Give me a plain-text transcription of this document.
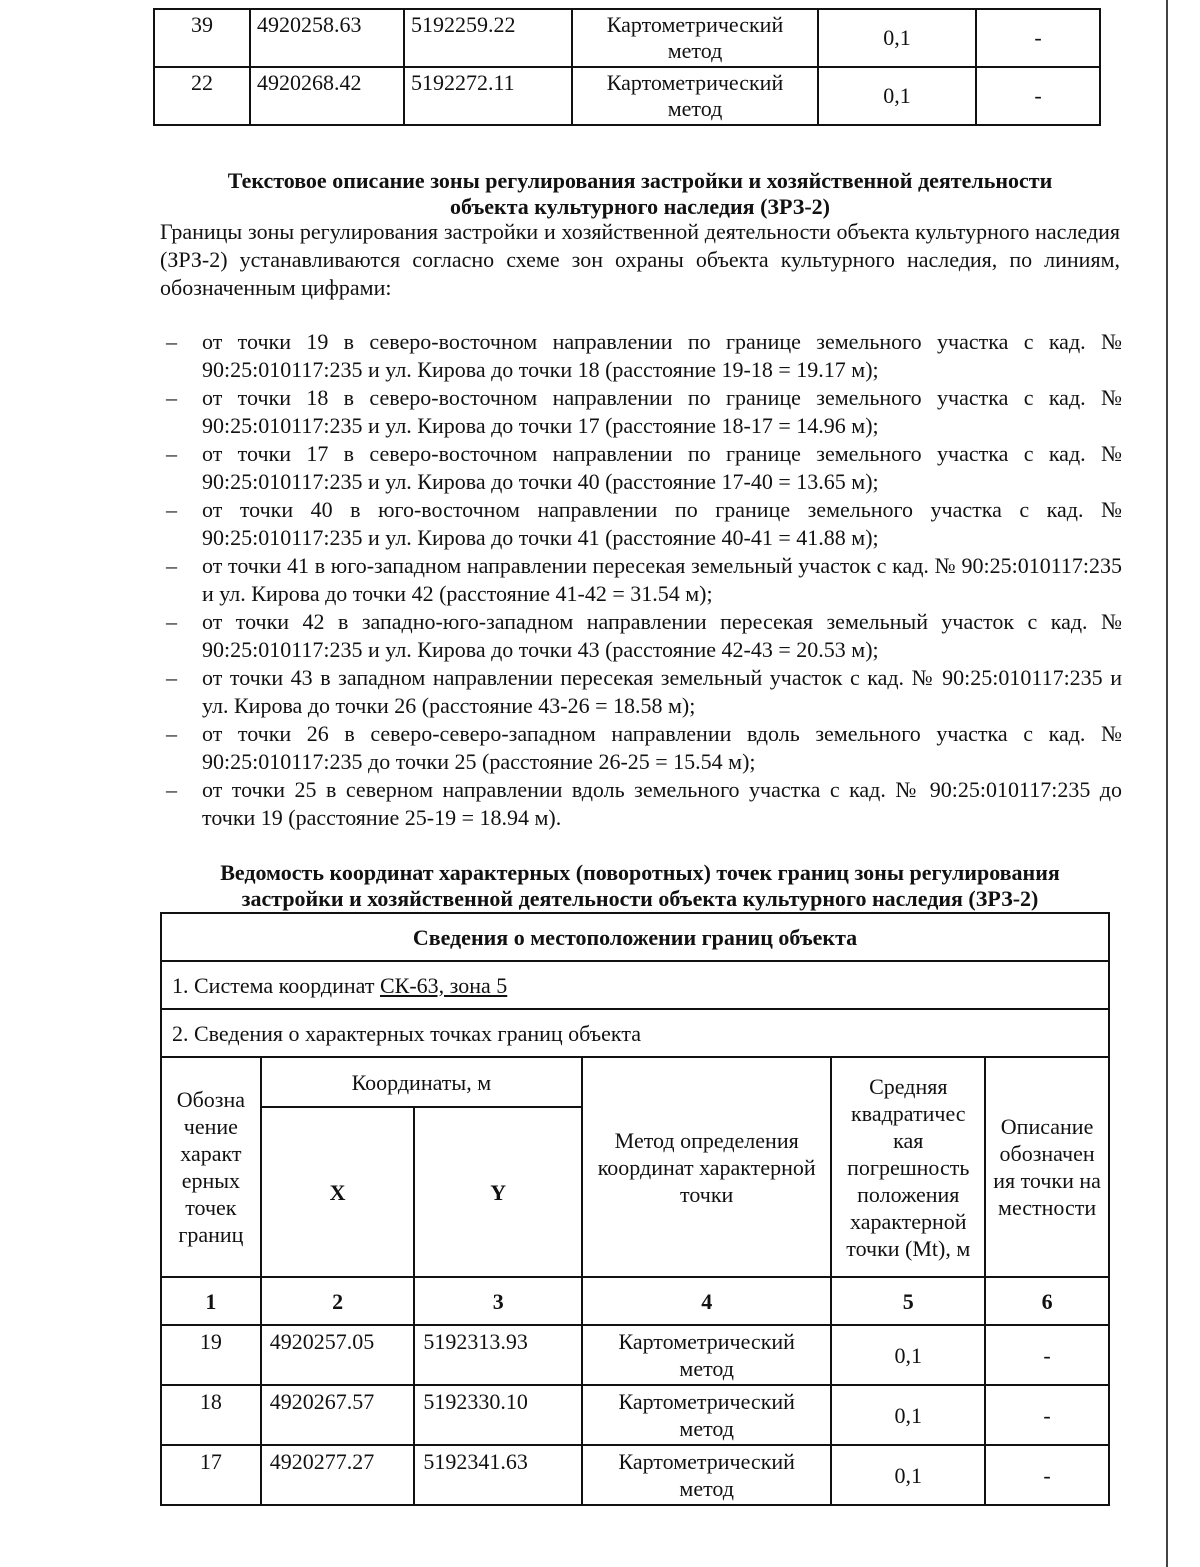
39	4920258.63	5192259.22	Картометрический метод	0,1	-
22	4920268.42	5192272.11	Картометрический метод	0,1	-
Текстовое описание зоны регулирования застройки и хозяйственной деятельности
объекта культурного наследия (ЗРЗ-2)
Границы зоны регулирования застройки и хозяйственной деятельности объекта культурного наследия (ЗРЗ-2) устанавливаются согласно схеме зон охраны объекта культурного наследия, по линиям, обозначенным цифрами:
– от точки 19 в северо-восточном направлении по границе земельного участка с кад. № 90:25:010117:235 и ул. Кирова до точки 18 (расстояние 19-18 = 19.17 м);
– от точки 18 в северо-восточном направлении по границе земельного участка с кад. № 90:25:010117:235 и ул. Кирова до точки 17 (расстояние 18-17 = 14.96 м);
– от точки 17 в северо-восточном направлении по границе земельного участка с кад. № 90:25:010117:235 и ул. Кирова до точки 40 (расстояние 17-40 = 13.65 м);
– от точки 40 в юго-восточном направлении по границе земельного участка с кад. № 90:25:010117:235 и ул. Кирова до точки 41 (расстояние 40-41 = 41.88 м);
– от точки 41 в юго-западном направлении пересекая земельный участок с кад. № 90:25:010117:235 и ул. Кирова до точки 42 (расстояние 41-42 = 31.54 м);
– от точки 42 в западно-юго-западном направлении пересекая земельный участок с кад. № 90:25:010117:235 и ул. Кирова до точки 43 (расстояние 42-43 = 20.53 м);
– от точки 43 в западном направлении пересекая земельный участок с кад. № 90:25:010117:235 и ул. Кирова до точки 26 (расстояние 43-26 = 18.58 м);
– от точки 26 в северо-северо-западном направлении вдоль земельного участка с кад. № 90:25:010117:235 до точки 25 (расстояние 26-25 = 15.54 м);
– от точки 25 в северном направлении вдоль земельного участка с кад. № 90:25:010117:235 до точки 19 (расстояние 25-19 = 18.94 м).
Ведомость координат характерных (поворотных) точек границ зоны регулирования
застройки и хозяйственной деятельности объекта культурного наследия (ЗРЗ-2)
Сведения о местоположении границ объекта					
1. Система координат СК-63, зона 5					
2. Сведения о характерных точках границ объекта					
Обозна чение характ ерных точек границ	Координаты, м		Метод определения координат характерной точки	Средняя квадратичес кая погрешность положения характерной точки (Mt), м	Описание обозначен ия точки на местности
	X	Y			
1	2	3	4	5	6
19	4920257.05	5192313.93	Картометрический метод	0,1	-
18	4920267.57	5192330.10	Картометрический метод	0,1	-
17	4920277.27	5192341.63	Картометрический метод	0,1	-
